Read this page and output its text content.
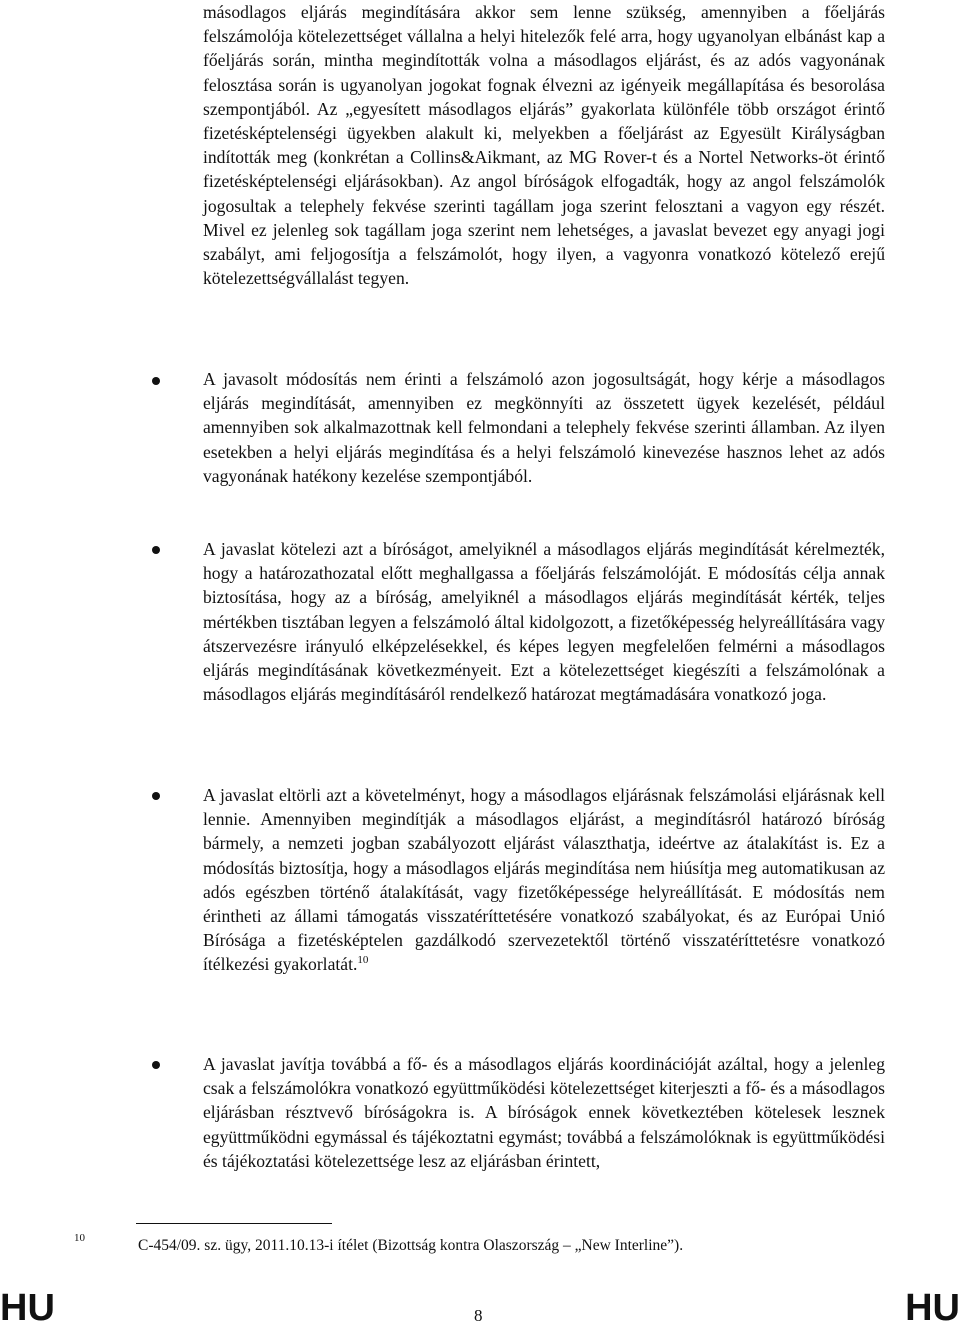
másodlagos eljárás megindítására akkor sem lenne szükség, amennyiben a főeljárás felszámolója kötelezettséget vállalna a helyi hitelezők felé arra, hogy ugyanolyan elbánást kap a főeljárás során, mintha megindították volna a másodlagos eljárást, és az adós vagyonának felosztása során is ugyanolyan jogokat fognak élvezni az igényeik megállapítása és besorolása szempontjából. Az „egyesített másodlagos eljárás” gyakorlata különféle több országot érintő fizetésképtelenségi ügyekben alakult ki, melyekben a főeljárást az Egyesült Királyságban indították meg (konkrétan a Collins&Aikmant, az MG Rover-t és a Nortel Networks-öt érintő fizetésképtelenségi eljárásokban). Az angol bíróságok elfogadták, hogy az angol felszámolók jogosultak a telephely fekvése szerinti tagállam joga szerint felosztani a vagyon egy részét. Mivel ez jelenleg sok tagállam joga szerint nem lehetséges, a javaslat bevezet egy anyagi jogi szabályt, ami feljogosítja a felszámolót, hogy ilyen, a vagyonra vonatkozó kötelező erejű kötelezettségvállalást tegyen.

A javasolt módosítás nem érinti a felszámoló azon jogosultságát, hogy kérje a másodlagos eljárás megindítását, amennyiben ez megkönnyíti az összetett ügyek kezelését, például amennyiben sok alkalmazottnak kell felmondani a telephely fekvése szerinti államban. Az ilyen esetekben a helyi eljárás megindítása és a helyi felszámoló kinevezése hasznos lehet az adós vagyonának hatékony kezelése szempontjából.

A javaslat kötelezi azt a bíróságot, amelyiknél a másodlagos eljárás megindítását kérelmezték, hogy a határozathozatal előtt meghallgassa a főeljárás felszámolóját. E módosítás célja annak biztosítása, hogy az a bíróság, amelyiknél a másodlagos eljárás megindítását kérték, teljes mértékben tisztában legyen a felszámoló által kidolgozott, a fizetőképesség helyreállítására vagy átszervezésre irányuló elképzelésekkel, és képes legyen megfelelően felmérni a másodlagos eljárás megindításának következményeit. Ezt a kötelezettséget kiegészíti a felszámolónak a másodlagos eljárás megindításáról rendelkező határozat megtámadására vonatkozó joga.

A javaslat eltörli azt a követelményt, hogy a másodlagos eljárásnak felszámolási eljárásnak kell lennie. Amennyiben megindítják a másodlagos eljárást, a megindításról határozó bíróság bármely, a nemzeti jogban szabályozott eljárást választhatja, ideértve az átalakítást is. Ez a módosítás biztosítja, hogy a másodlagos eljárás megindítása nem hiúsítja meg automatikusan az adós egészben történő átalakítását, vagy fizetőképessége helyreállítását. E módosítás nem érintheti az állami támogatás visszatéríttetésére vonatkozó szabályokat, és az Európai Unió Bírósága a fizetésképtelen gazdálkodó szervezetektől történő visszatéríttetésre vonatkozó ítélkezési gyakorlatát.$^{10}$

A javaslat javítja továbbá a fő- és a másodlagos eljárás koordinációját azáltal, hogy a jelenleg csak a felszámolókra vonatkozó együttműködési kötelezettséget kiterjeszti a fő- és a másodlagos eljárásban résztvevő bíróságokra is. A bíróságok ennek következtében kötelesek lesznek együttműködni egymással és tájékoztatni egymást; továbbá a felszámolóknak is együttműködési és tájékoztatási kötelezettsége lesz az eljárásban érintett,

10	C-454/09. sz. ügy, 2011.10.13-i ítélet (Bizottság kontra Olaszország – „New Interline”).
HU	8	HU
